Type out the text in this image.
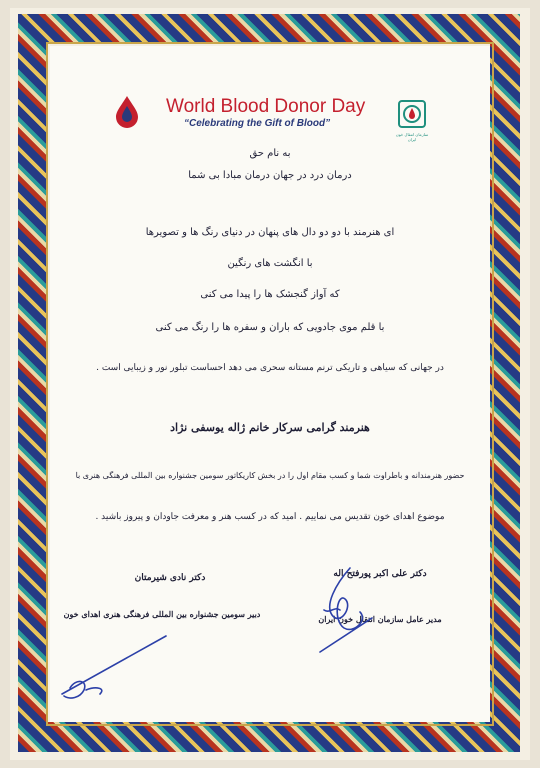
World Blood Donor Day
“Celebrating the Gift of Blood”
سازمان انتقال خون ایران
به نام حق
درمان درد در جهان درمان مبادا بی شما
ای هنرمند با دو دو دال های پنهان در دنیای رنگ ها و تصویرها
با انگشت های رنگین
که آواز گنجشک ها را پیدا می کنی
با قلم موی جادویی که باران و سفره ها را رنگ می کنی
در جهانی که سیاهی و تاریکی ترنم مستانه سحری می دهد احساست تبلور نور و زیبایی است .
هنرمند گرامی سرکار خانم ژاله یوسفی نژاد
حضور هنرمندانه و باطراوت شما و کسب مقام اول را در بخش کاریکاتور سومین جشنواره بین المللی فرهنگی هنری با
موضوع اهدای خون تقدیس می نماییم . امید که در کسب هنر و معرفت جاودان و پیروز باشید .
دکتر علی اکبر پورفتح اله
مدیر عامل سازمان انتقال خون ایران
دکتر نادی شیرمتان
دبیر سومین جشنواره بین المللی فرهنگی هنری اهدای خون
